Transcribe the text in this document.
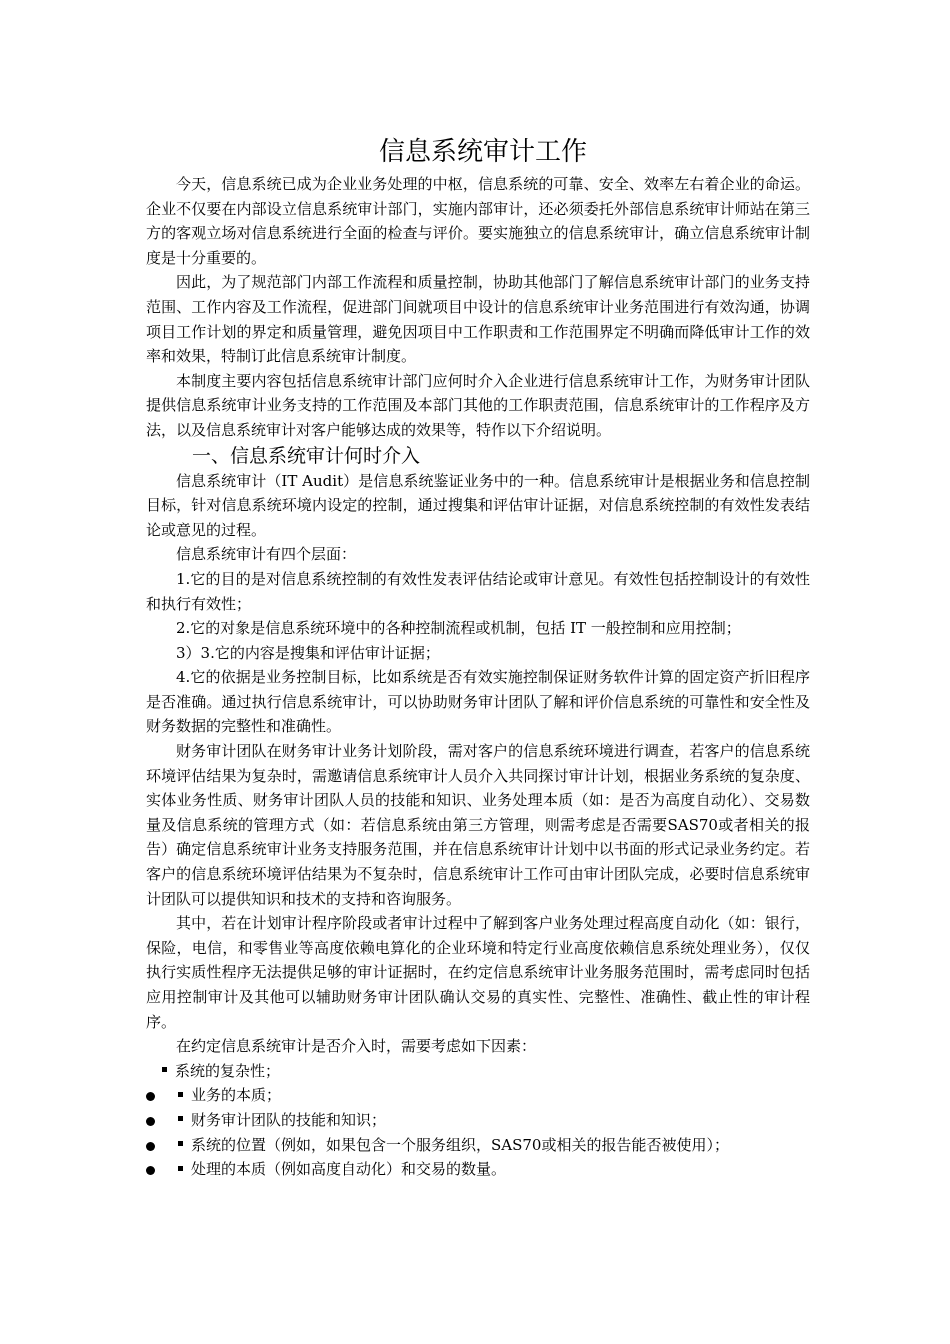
信息系统审计工作

今天，信息系统已成为企业业务处理的中枢，信息系统的可靠、安全、效率左右着企业的命运。企业不仅要在内部设立信息系统审计部门，实施内部审计，还必须委托外部信息系统审计师站在第三方的客观立场对信息系统进行全面的检查与评价。要实施独立的信息系统审计，确立信息系统审计制度是十分重要的。

因此，为了规范部门内部工作流程和质量控制，协助其他部门了解信息系统审计部门的业务支持范围、工作内容及工作流程，促进部门间就项目中设计的信息系统审计业务范围进行有效沟通，协调项目工作计划的界定和质量管理，避免因项目中工作职责和工作范围界定不明确而降低审计工作的效率和效果，特制订此信息系统审计制度。

本制度主要内容包括信息系统审计部门应何时介入企业进行信息系统审计工作，为财务审计团队提供信息系统审计业务支持的工作范围及本部门其他的工作职责范围，信息系统审计的工作程序及方法，以及信息系统审计对客户能够达成的效果等，特作以下介绍说明。

一、信息系统审计何时介入

信息系统审计（IT Audit）是信息系统鉴证业务中的一种。信息系统审计是根据业务和信息控制目标，针对信息系统环境内设定的控制，通过搜集和评估审计证据，对信息系统控制的有效性发表结论或意见的过程。

信息系统审计有四个层面：

1.它的目的是对信息系统控制的有效性发表评估结论或审计意见。有效性包括控制设计的有效性和执行有效性；

2.它的对象是信息系统环境中的各种控制流程或机制，包括 IT 一般控制和应用控制；

3）3.它的内容是搜集和评估审计证据；

4.它的依据是业务控制目标，比如系统是否有效实施控制保证财务软件计算的固定资产折旧程序是否准确。通过执行信息系统审计，可以协助财务审计团队了解和评价信息系统的可靠性和安全性及财务数据的完整性和准确性。

财务审计团队在财务审计业务计划阶段，需对客户的信息系统环境进行调查，若客户的信息系统环境评估结果为复杂时，需邀请信息系统审计人员介入共同探讨审计计划，根据业务系统的复杂度、实体业务性质、财务审计团队人员的技能和知识、业务处理本质（如：是否为高度自动化）、交易数量及信息系统的管理方式（如：若信息系统由第三方管理，则需考虑是否需要SAS70或者相关的报告）确定信息系统审计业务支持服务范围，并在信息系统审计计划中以书面的形式记录业务约定。若客户的信息系统环境评估结果为不复杂时，信息系统审计工作可由审计团队完成，必要时信息系统审计团队可以提供知识和技术的支持和咨询服务。

其中，若在计划审计程序阶段或者审计过程中了解到客户业务处理过程高度自动化（如：银行，保险，电信，和零售业等高度依赖电算化的企业环境和特定行业高度依赖信息系统处理业务），仅仅执行实质性程序无法提供足够的审计证据时，在约定信息系统审计业务服务范围时，需考虑同时包括应用控制审计及其他可以辅助财务审计团队确认交易的真实性、完整性、准确性、截止性的审计程序。

在约定信息系统审计是否介入时，需要考虑如下因素：

系统的复杂性；
业务的本质；
财务审计团队的技能和知识；
系统的位置（例如，如果包含一个服务组织，SAS70或相关的报告能否被使用）；
处理的本质（例如高度自动化）和交易的数量。
